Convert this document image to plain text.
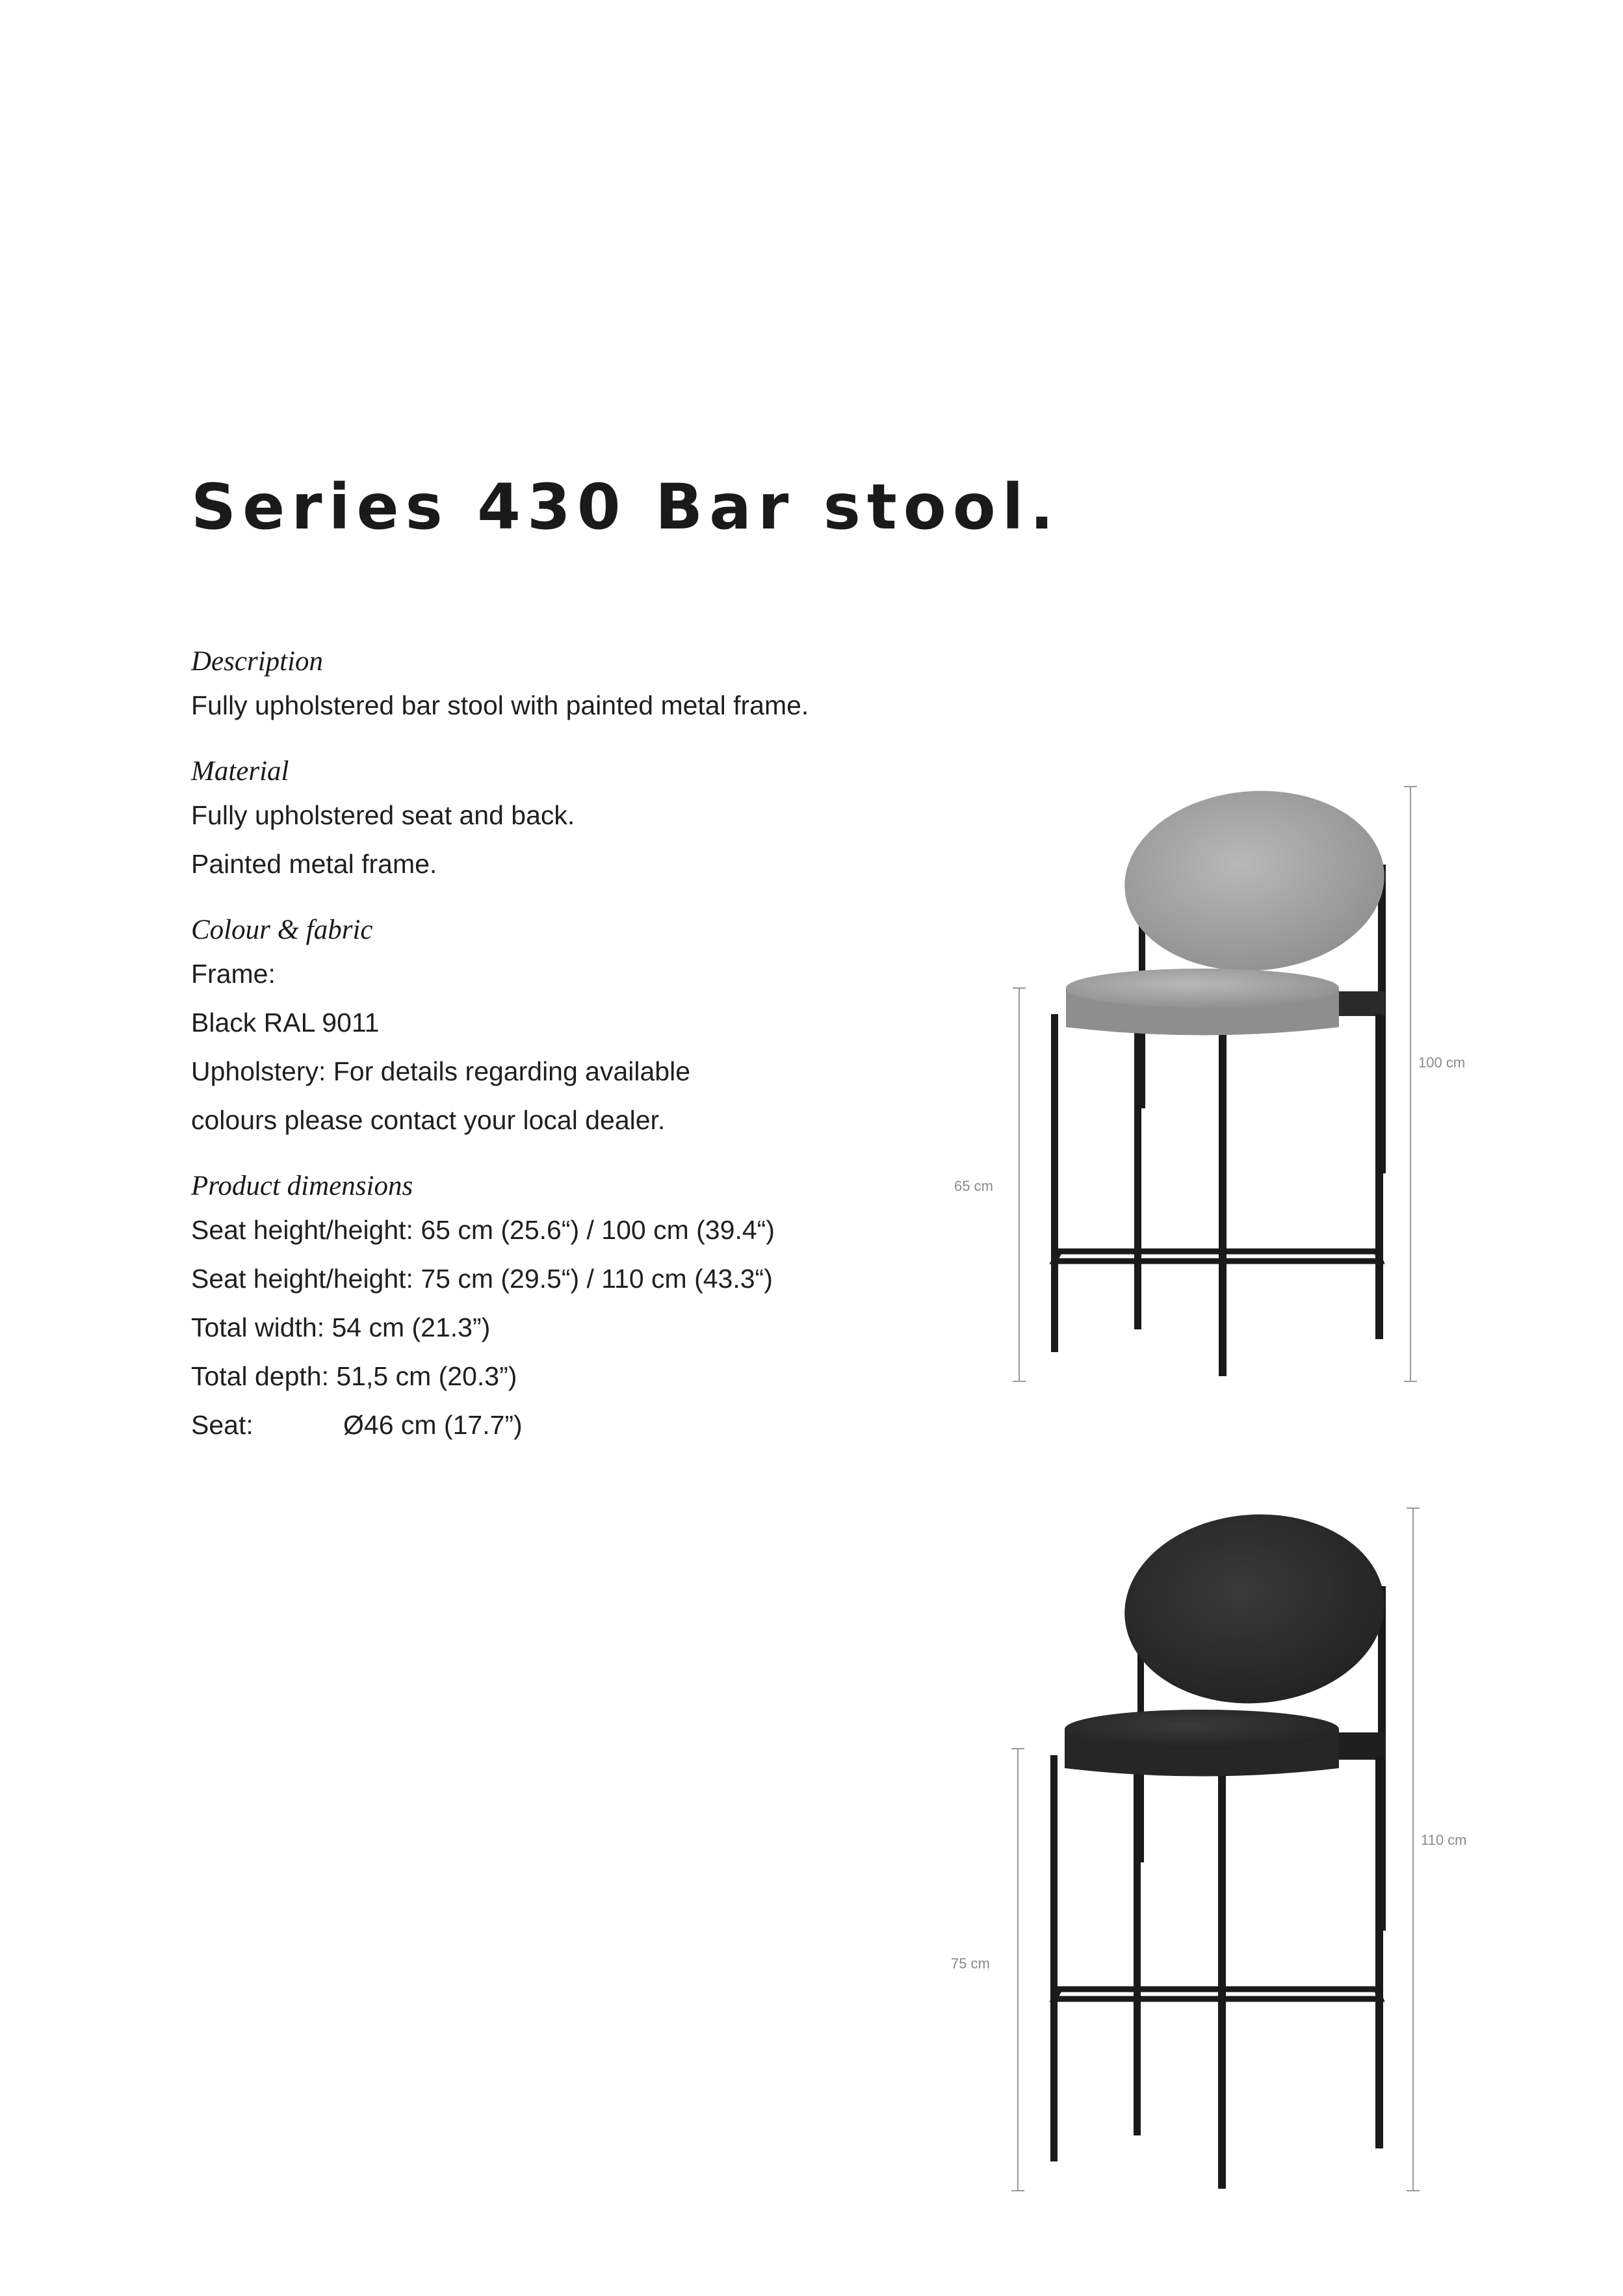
Series 430 Bar stool.

Description

Fully upholstered bar stool with painted metal frame.

Material

Fully upholstered seat and back.

Painted metal frame.

Colour & fabric

Frame:

Black RAL 9011

Upholstery: For details regarding available

colours please contact your local dealer.

Product dimensions

Seat height/height: 65 cm (25.6“) / 100 cm (39.4“)

Seat height/height: 75 cm (29.5“) / 110 cm (43.3“)

Total width: 54 cm (21.3”)

Total depth: 51,5 cm (20.3”)

Seat:	Ø46 cm (17.7”)

65 cm
100 cm
75 cm
110 cm
